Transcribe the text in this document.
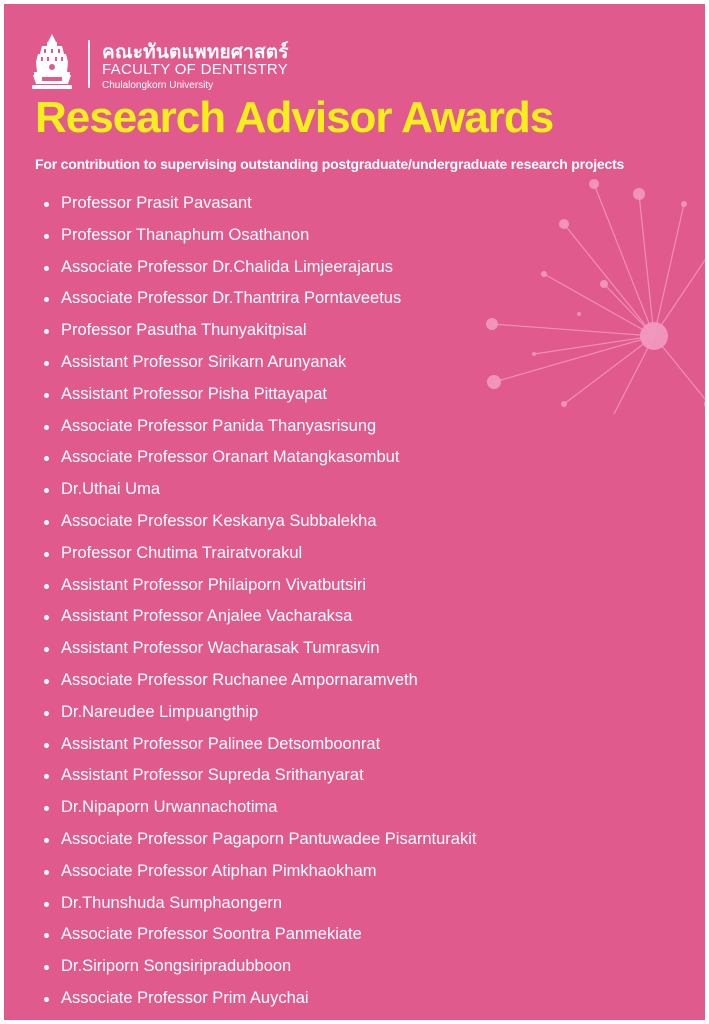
คณะทันตแพทยศาสตร์
FACULTY OF DENTISTRY
Chulalongkorn University
Research Advisor Awards
For contribution to supervising outstanding postgraduate/undergraduate research projects
Professor Prasit Pavasant
Professor Thanaphum Osathanon
Associate Professor Dr.Chalida Limjeerajarus
Associate Professor Dr.Thantrira Porntaveetus
Professor Pasutha Thunyakitpisal
Assistant Professor Sirikarn Arunyanak
Assistant Professor Pisha Pittayapat
Associate Professor Panida Thanyasrisung
Associate Professor Oranart Matangkasombut
Dr.Uthai Uma
Associate Professor Keskanya Subbalekha
Professor Chutima Trairatvorakul
Assistant Professor Philaiporn Vivatbutsiri
Assistant Professor Anjalee Vacharaksa
Assistant Professor Wacharasak Tumrasvin
Associate Professor Ruchanee Ampornaramveth
Dr.Nareudee Limpuangthip
Assistant Professor Palinee Detsomboonrat
Assistant Professor Supreda Srithanyarat
Dr.Nipaporn Urwannachotima
Associate Professor Pagaporn Pantuwadee Pisarnturakit
Associate Professor Atiphan Pimkhaokham
Dr.Thunshuda Sumphaongern
Associate Professor Soontra Panmekiate
Dr.Siriporn Songsiripradubboon
Associate Professor Prim Auychai
